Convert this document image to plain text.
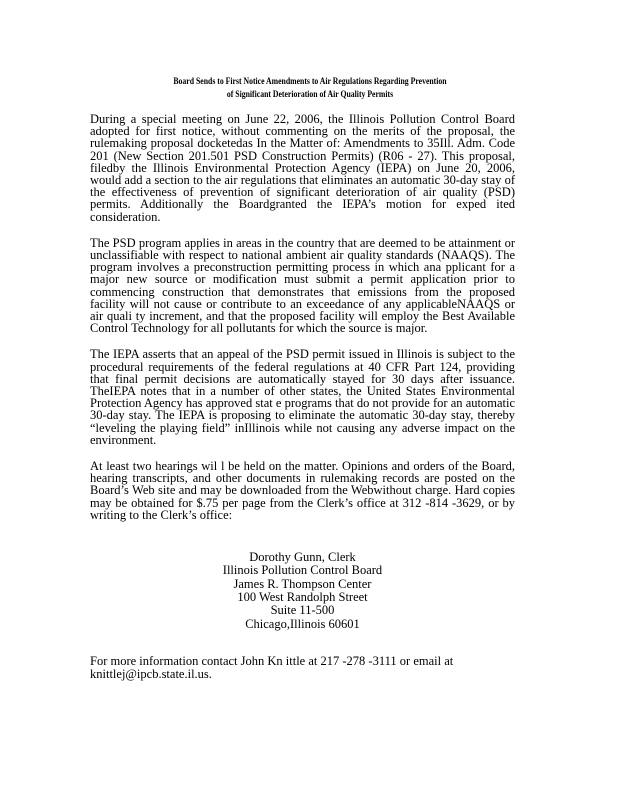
Board Sends to First Notice Amendments to Air Regulations Regarding Prevention
of Significant Deterioration of Air Quality Permits

During a special meeting on June 22, 2006, the Illinois Pollution Control Board adopted for first notice, without commenting on the merits of the proposal, the rulemaking proposal docketedas In the Matter of: Amendments to 35Ill. Adm. Code 201 (New Section 201.501 PSD Construction Permits) (R06 - 27). This proposal, filedby the Illinois Environmental Protection Agency (IEPA) on June 20, 2006, would add a section to the air regulations that eliminates an automatic 30-day stay of the effectiveness of prevention of significant deterioration of air quality (PSD) permits. Additionally the Boardgranted the IEPA’s motion for exped ited consideration.

The PSD program applies in areas in the country that are deemed to be attainment or unclassifiable with respect to national ambient air quality standards (NAAQS). The program involves a preconstruction permitting process in which ana pplicant for a major new source or modification must submit a permit application prior to commencing construction that demonstrates that emissions from the proposed facility will not cause or contribute to an exceedance of any applicableNAAQS or air quali ty increment, and that the proposed facility will employ the Best Available Control Technology for all pollutants for which the source is major.

The IEPA asserts that an appeal of the PSD permit issued in Illinois is subject to the procedural requirements of the federal regulations at 40 CFR Part 124, providing that final permit decisions are automatically stayed for 30 days after issuance. TheIEPA notes that in a number of other states, the United States Environmental Protection Agency has approved stat e programs that do not provide for an automatic 30-day stay. The IEPA is proposing to eliminate the automatic 30-day stay, thereby “leveling the playing field” inIllinois while not causing any adverse impact on the environment.

At least two hearings wil l be held on the matter. Opinions and orders of the Board, hearing transcripts, and other documents in rulemaking records are posted on the Board’s Web site and may be downloaded from the Webwithout charge. Hard copies may be obtained for $.75 per page from the Clerk’s office at 312 -814 -3629, or by writing to the Clerk’s office:

Dorothy Gunn, Clerk
Illinois Pollution Control Board
James R. Thompson Center
100 West Randolph Street
Suite 11-500
Chicago,Illinois 60601

For more information contact John Kn ittle at 217 -278 -3111 or email at knittlej@ipcb.state.il.us.
